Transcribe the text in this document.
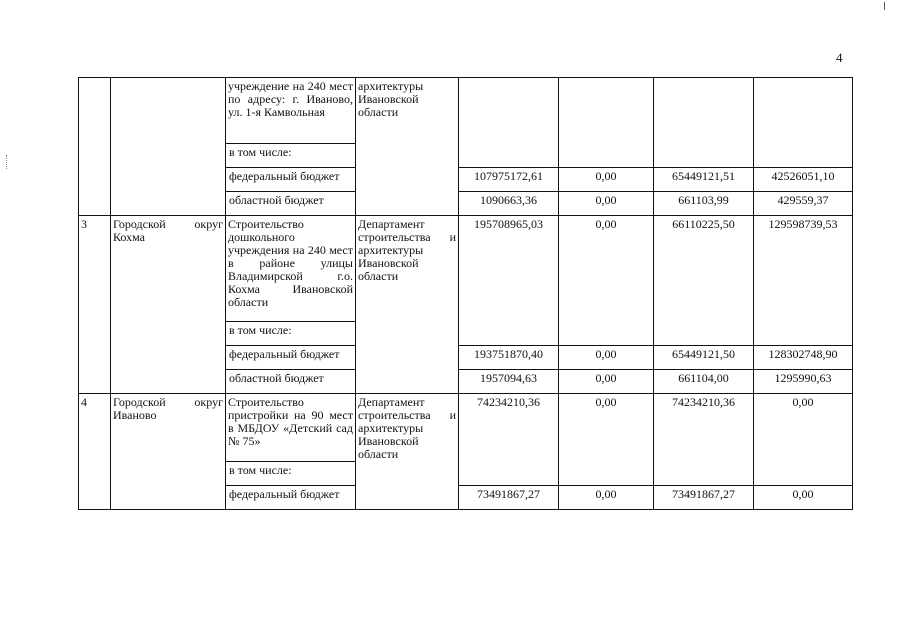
4
		учреждение на 240 мест по адресу: г. Иваново, ул. 1-я Камвольная	архитектуры Ивановской области				
		в том числе:					
		федеральный бюджет		107975172,61	0,00	65449121,51	42526051,10
		областной бюджет		1090663,36	0,00	661103,99	429559,37
3	Городской округ Кохма	Строительство дошкольного учреждения на 240 мест в районе улицы Владимирской г.о. Кохма Ивановской области	Департамент строительства и архитектуры Ивановской области	195708965,03	0,00	66110225,50	129598739,53
		в том числе:					
		федеральный бюджет		193751870,40	0,00	65449121,50	128302748,90
		областной бюджет		1957094,63	0,00	661104,00	1295990,63
4	Городской округ Иваново	Строительство пристройки на 90 мест в МБДОУ «Детский сад № 75»	Департамент строительства и архитектуры Ивановской области	74234210,36	0,00	74234210,36	0,00
		в том числе:					
		федеральный бюджет		73491867,27	0,00	73491867,27	0,00
